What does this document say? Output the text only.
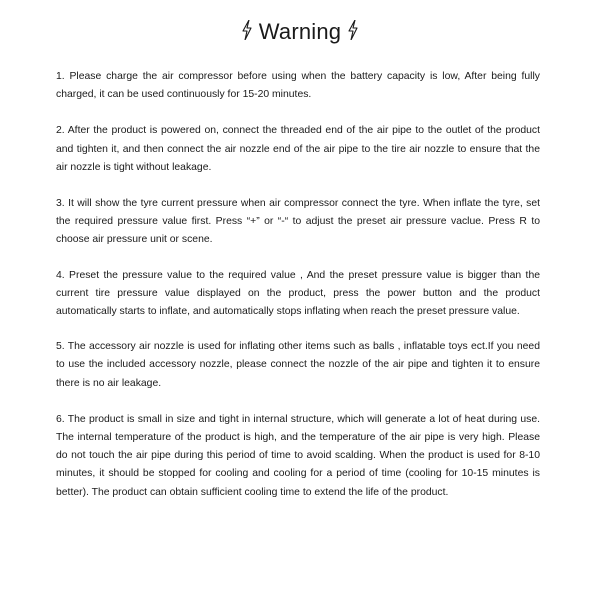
Warning

1. Please charge the air compressor before using when the battery capacity is low, After being fully charged, it can be used continuously for 15-20 minutes.

2. After the product is powered on, connect the threaded end of the air pipe to the outlet of the product and tighten it, and then connect the air nozzle end of the air pipe to the tire air nozzle to ensure that the air nozzle is tight without leakage.

3. It will show the tyre current pressure when air compressor connect the tyre. When inflate the tyre, set the required pressure value first. Press “+” or “-“ to adjust the preset air pressure vaclue. Press R to choose air pressure unit or scene.

4. Preset the pressure value to the required value , And the preset pressure value is bigger than the current tire pressure value displayed on the product, press the power button and the product automatically starts to inflate, and automatically stops inflating when reach the preset pressure value.

5. The accessory air nozzle is used for inflating other items such as balls , inflatable toys ect.If you need to use the included accessory nozzle, please connect the nozzle of the air pipe and tighten it to ensure there is no air leakage.

6. The product is small in size and tight in internal structure, which will generate a lot of heat during use. The internal temperature of the product is high, and the temperature of the air pipe is very high. Please do not touch the air pipe during this period of time to avoid scalding. When the product is used for 8-10 minutes, it should be stopped for cooling and cooling for a period of time (cooling for 10-15 minutes is better). The product can obtain sufficient cooling time to extend the life of the product.
